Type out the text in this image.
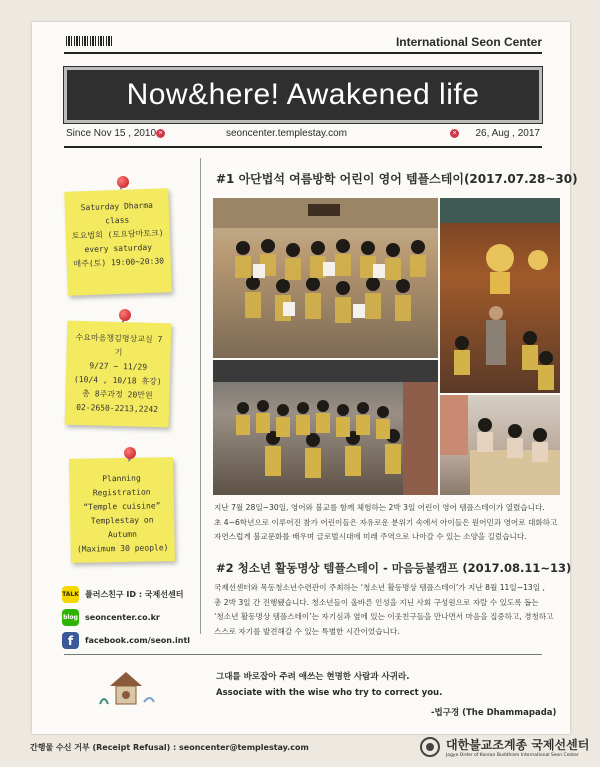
International Seon Center
Now&here! Awakened life
Since Nov 15 , 2010 ×	seoncenter.templestay.com	× 26, Aug , 2017

Saturday Dharma class

토요법회 (토요담마토크)

every saturday

매주(토) 19:00~20:30

수요마음챙김명상교실 7기

9/27 ~ 11/29

(10/4 , 10/18 휴강)

총 8주과정 20만원

02-2650-2213,2242

Planning Registration

“Temple cuisine”

Templestay on Autumn

(Maximum 30 people)

TALK 플러스친구 ID : 국제선센터
blog seoncenter.co.kr
f	facebook.com/seon.intl
#1 아단법석 여름방학 어린이 영어 템플스테이(2017.07.28~30)

지난 7월 28일~30일, 영어와 불교를 함께 체험하는 2박 3일 어린이 영어 템플스테이가 열렸습니다.

초 4~6학년으로 이루어진 참가 어린이들은 자유로운 분위기 속에서 아이들은 원어민과 영어로 대화하고

자연스럽게 불교문화를 배우며 글로벌시대에 미래 주역으로 나아갈 수 있는 소양을 길렀습니다.

#2 청소년 활동명상 템플스테이 - 마음등불캠프 (2017.08.11~13)

국제선센터와 목동청소년수련관이 주최하는 ‘청소년 활동명상 템플스테이’가 지난 8월 11일~13일 ,

총 2박 3일 간 진행됐습니다. 청소년들이 올바른 인성을 지닌 사회 구성원으로 자랄 수 있도록 돕는

‘청소년 활동명상 템플스테이’는 자기심과 옆에 있는 이웃친구들을 만나면서 마음을 집중하고, 경청하고

스스로 자기를 발견해갈 수 있는 특별한 시간이었습니다.

그대를 바로잡아 주려 애쓰는 현명한 사람과 사귀라.
Associate with the wise who try to correct you.
-법구경 (The Dhammapada)
간행물 수신 거부 (Receipt Refusal) : seoncenter@templestay.com	대한불교조계종 국제선센터
Jogye Order of Korean Buddhism International Seon Center
